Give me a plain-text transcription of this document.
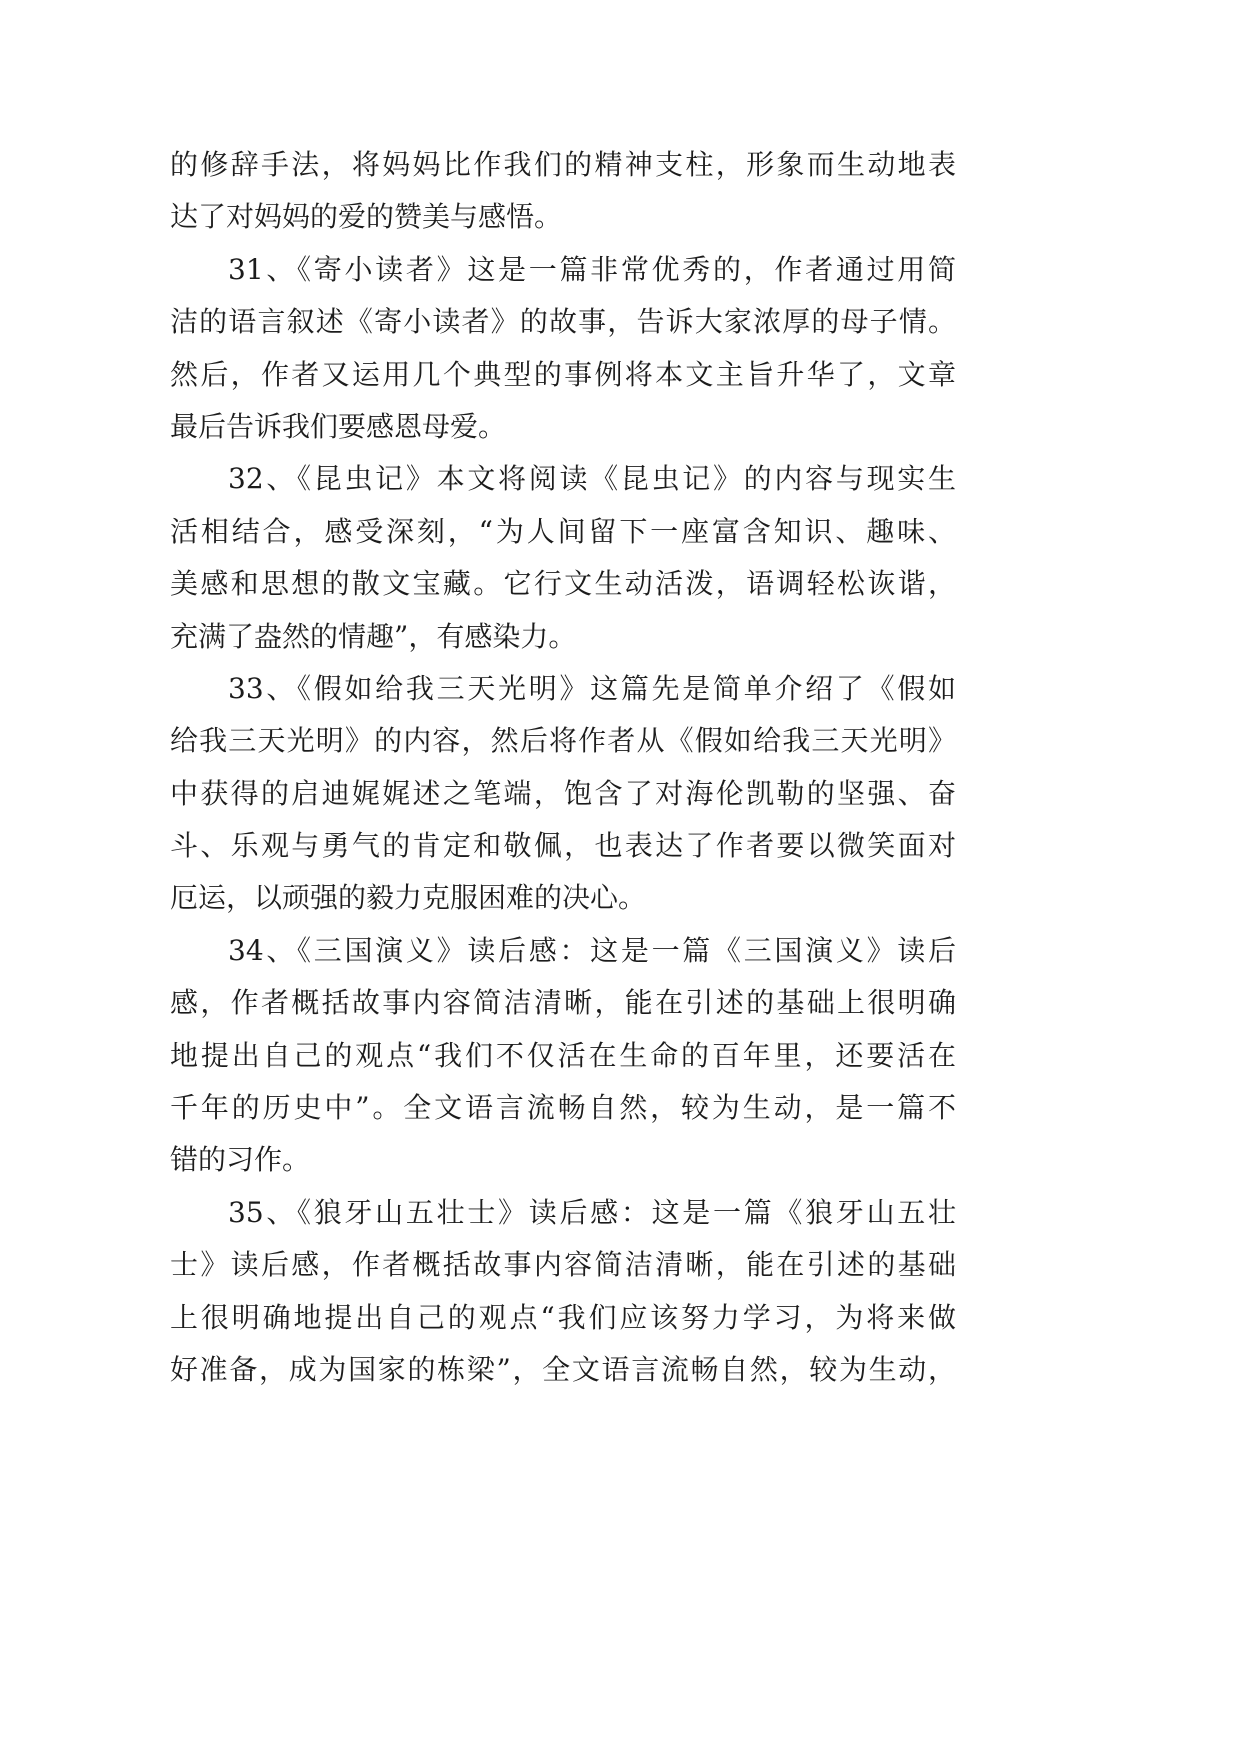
的修辞手法，将妈妈比作我们的精神支柱，形象而生动地表
达了对妈妈的爱的赞美与感悟。
31、《寄小读者》这是一篇非常优秀的，作者通过用简
洁的语言叙述《寄小读者》的故事，告诉大家浓厚的母子情。
然后，作者又运用几个典型的事例将本文主旨升华了，文章
最后告诉我们要感恩母爱。
32、《昆虫记》本文将阅读《昆虫记》的内容与现实生
活相结合，感受深刻，“为人间留下一座富含知识、趣味、
美感和思想的散文宝藏。它行文生动活泼，语调轻松诙谐，
充满了盎然的情趣”，有感染力。
33、《假如给我三天光明》这篇先是简单介绍了《假如
给我三天光明》的内容，然后将作者从《假如给我三天光明》
中获得的启迪娓娓述之笔端，饱含了对海伦凯勒的坚强、奋
斗、乐观与勇气的肯定和敬佩，也表达了作者要以微笑面对
厄运，以顽强的毅力克服困难的决心。
34、《三国演义》读后感：这是一篇《三国演义》读后
感，作者概括故事内容简洁清晰，能在引述的基础上很明确
地提出自己的观点“我们不仅活在生命的百年里，还要活在
千年的历史中”。全文语言流畅自然，较为生动，是一篇不
错的习作。
35、《狼牙山五壮士》读后感：这是一篇《狼牙山五壮
士》读后感，作者概括故事内容简洁清晰，能在引述的基础
上很明确地提出自己的观点“我们应该努力学习，为将来做
好准备，成为国家的栋梁”，全文语言流畅自然，较为生动，
